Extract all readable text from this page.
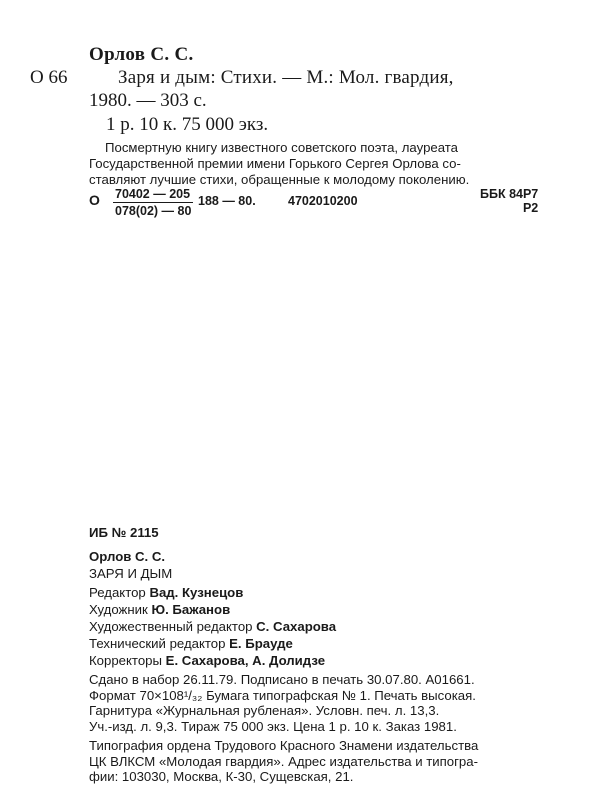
Орлов С. С.
О 66	Заря и дым: Стихи. — М.: Мол. гвардия,
1980. — 303 с.
1 р. 10 к. 75 000 экз.
Посмертную книгу известного советского поэта, лауреата
Государственной премии имени Горького Сергея Орлова со-
ставляют лучшие стихи, обращенные к молодому поколению.
О $\frac{70402 — 205}{078(02) — 80} 188$ — 80.	4702010200	ББК 84Р7
Р2
ИБ № 2115
Орлов С. С.
ЗАРЯ И ДЫМ
Редактор Вад. Кузнецов
Художник Ю. Бажанов
Художественный редактор С. Сахарова
Технический редактор Е. Брауде
Корректоры Е. Сахарова, А. Долидзе
Сдано в набор 26.11.79. Подписано в печать 30.07.80. А01661.
Формат 70×108¹/₃₂ Бумага типографская № 1. Печать высокая.
Гарнитура «Журнальная рубленая». Условн. печ. л. 13,3.
Уч.-изд. л. 9,3. Тираж 75 000 экз. Цена 1 р. 10 к. Заказ 1981.
Типография ордена Трудового Красного Знамени издательства
ЦК ВЛКСМ «Молодая гвардия». Адрес издательства и типогра-
фии: 103030, Москва, К-30, Сущевская, 21.
